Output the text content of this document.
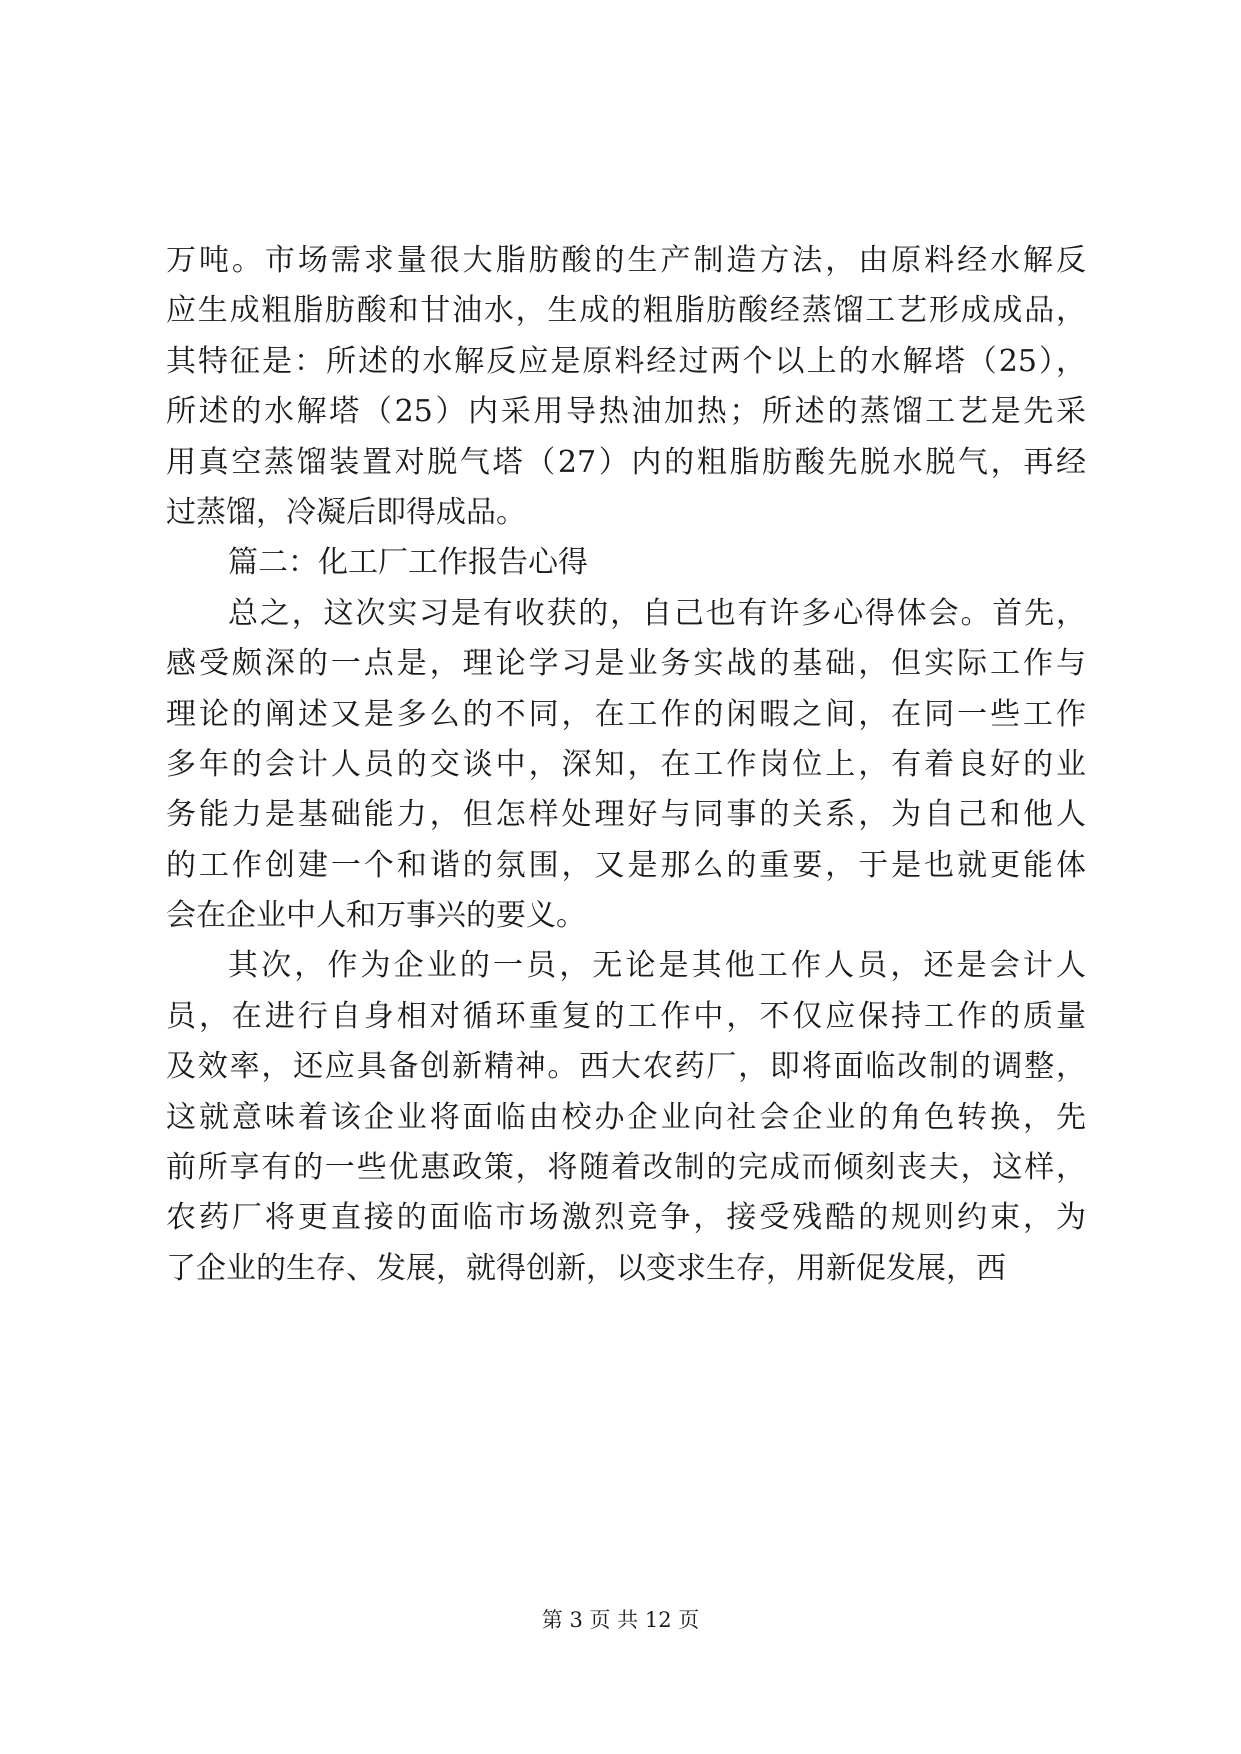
万吨。市场需求量很大脂肪酸的生产制造方法，由原料经水解反
应生成粗脂肪酸和甘油水，生成的粗脂肪酸经蒸馏工艺形成成品，
其特征是：所述的水解反应是原料经过两个以上的水解塔（25），
所述的水解塔（25）内采用导热油加热；所述的蒸馏工艺是先采
用真空蒸馏装置对脱气塔（27）内的粗脂肪酸先脱水脱气，再经
过蒸馏，冷凝后即得成品。
篇二：化工厂工作报告心得
总之，这次实习是有收获的，自己也有许多心得体会。首先，
感受颇深的一点是，理论学习是业务实战的基础，但实际工作与
理论的阐述又是多么的不同，在工作的闲暇之间，在同一些工作
多年的会计人员的交谈中，深知，在工作岗位上，有着良好的业
务能力是基础能力，但怎样处理好与同事的关系，为自己和他人
的工作创建一个和谐的氛围，又是那么的重要，于是也就更能体
会在企业中人和万事兴的要义。
其次，作为企业的一员，无论是其他工作人员，还是会计人
员，在进行自身相对循环重复的工作中，不仅应保持工作的质量
及效率，还应具备创新精神。西大农药厂，即将面临改制的调整，
这就意味着该企业将面临由校办企业向社会企业的角色转换，先
前所享有的一些优惠政策，将随着改制的完成而倾刻丧夫，这样，
农药厂将更直接的面临市场激烈竞争，接受残酷的规则约束，为
了企业的生存、发展，就得创新，以变求生存，用新促发展，西
第 3 页 共 12 页
